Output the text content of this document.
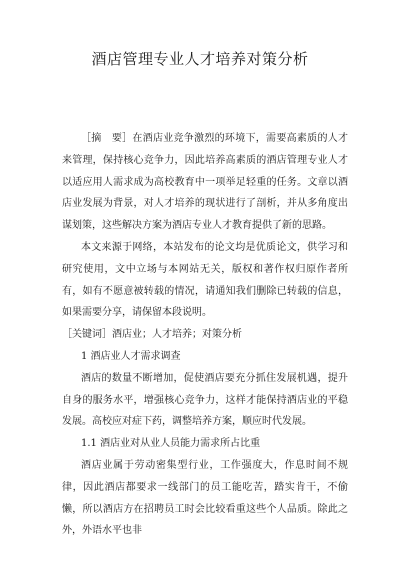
酒店管理专业人才培养对策分析

［摘　要］在酒店业竞争激烈的环境下，需要高素质的人才来管理，保持核心竞争力，因此培养高素质的酒店管理专业人才以适应用人需求成为高校教育中一项举足轻重的任务。文章以酒店业发展为背景，对人才培养的现状进行了剖析，并从多角度出谋划策，这些解决方案为酒店专业人才教育提供了新的思路。

本文来源于网络，本站发布的论文均是优质论文，供学习和研究使用，文中立场与本网站无关，版权和著作权归原作者所有，如有不愿意被转载的情况，请通知我们删除已转载的信息，如果需要分享，请保留本段说明。

［关键词］酒店业；人才培养；对策分析

1 酒店业人才需求调查

酒店的数量不断增加，促使酒店要充分抓住发展机遇，提升自身的服务水平，增强核心竞争力，这样才能保持酒店业的平稳发展。高校应对症下药，调整培养方案，顺应时代发展。

1.1 酒店业对从业人员能力需求所占比重

酒店业属于劳动密集型行业，工作强度大，作息时间不规律，因此酒店都要求一线部门的员工能吃苦，踏实肯干，不偷懒，所以酒店方在招聘员工时会比较看重这些个人品质。除此之外，外语水平也非
